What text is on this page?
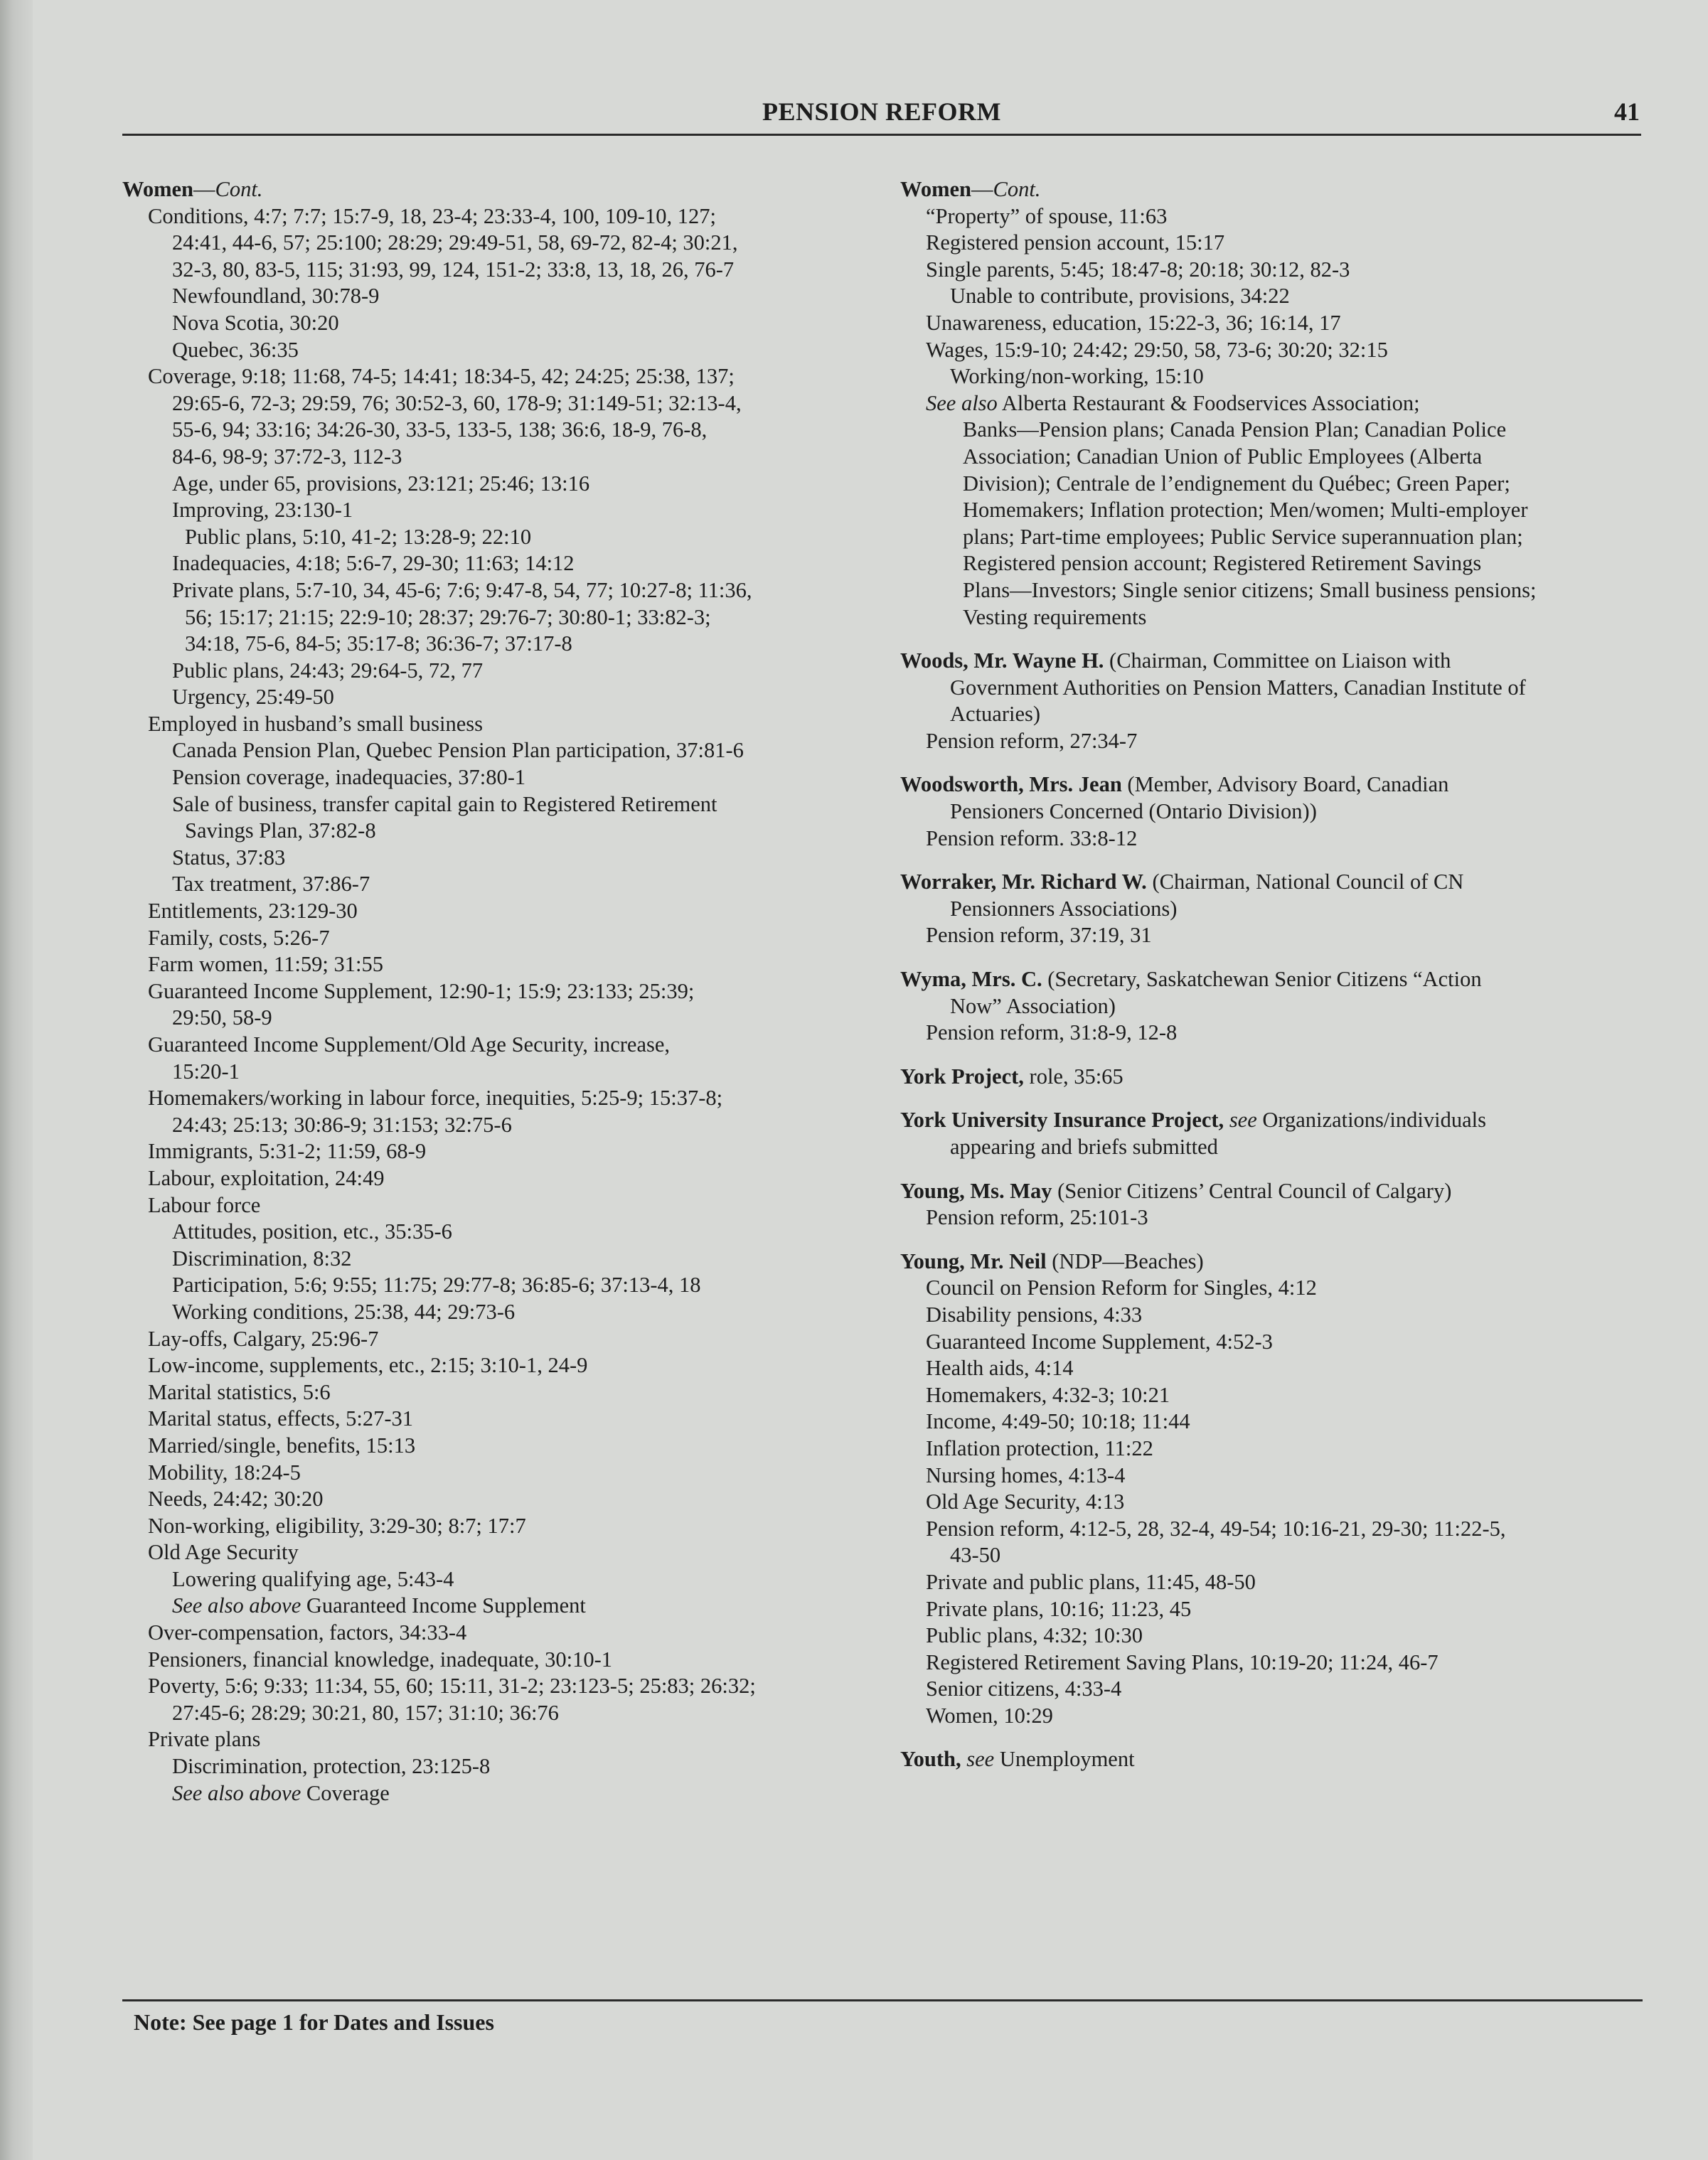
PENSION REFORM	41
Women—Cont.
Conditions, 4:7; 7:7; 15:7-9, 18, 23-4; 23:33-4, 100, 109-10, 127;
24:41, 44-6, 57; 25:100; 28:29; 29:49-51, 58, 69-72, 82-4; 30:21,
32-3, 80, 83-5, 115; 31:93, 99, 124, 151-2; 33:8, 13, 18, 26, 76-7
Newfoundland, 30:78-9
Nova Scotia, 30:20
Quebec, 36:35
Coverage, 9:18; 11:68, 74-5; 14:41; 18:34-5, 42; 24:25; 25:38, 137;
29:65-6, 72-3; 29:59, 76; 30:52-3, 60, 178-9; 31:149-51; 32:13-4,
55-6, 94; 33:16; 34:26-30, 33-5, 133-5, 138; 36:6, 18-9, 76-8,
84-6, 98-9; 37:72-3, 112-3
Age, under 65, provisions, 23:121; 25:46; 13:16
Improving, 23:130-1
Public plans, 5:10, 41-2; 13:28-9; 22:10
Inadequacies, 4:18; 5:6-7, 29-30; 11:63; 14:12
Private plans, 5:7-10, 34, 45-6; 7:6; 9:47-8, 54, 77; 10:27-8; 11:36,
56; 15:17; 21:15; 22:9-10; 28:37; 29:76-7; 30:80-1; 33:82-3;
34:18, 75-6, 84-5; 35:17-8; 36:36-7; 37:17-8
Public plans, 24:43; 29:64-5, 72, 77
Urgency, 25:49-50
Employed in husband’s small business
Canada Pension Plan, Quebec Pension Plan participation, 37:81-6
Pension coverage, inadequacies, 37:80-1
Sale of business, transfer capital gain to Registered Retirement
Savings Plan, 37:82-8
Status, 37:83
Tax treatment, 37:86-7
Entitlements, 23:129-30
Family, costs, 5:26-7
Farm women, 11:59; 31:55
Guaranteed Income Supplement, 12:90-1; 15:9; 23:133; 25:39;
29:50, 58-9
Guaranteed Income Supplement/Old Age Security, increase,
15:20-1
Homemakers/working in labour force, inequities, 5:25-9; 15:37-8;
24:43; 25:13; 30:86-9; 31:153; 32:75-6
Immigrants, 5:31-2; 11:59, 68-9
Labour, exploitation, 24:49
Labour force
Attitudes, position, etc., 35:35-6
Discrimination, 8:32
Participation, 5:6; 9:55; 11:75; 29:77-8; 36:85-6; 37:13-4, 18
Working conditions, 25:38, 44; 29:73-6
Lay-offs, Calgary, 25:96-7
Low-income, supplements, etc., 2:15; 3:10-1, 24-9
Marital statistics, 5:6
Marital status, effects, 5:27-31
Married/single, benefits, 15:13
Mobility, 18:24-5
Needs, 24:42; 30:20
Non-working, eligibility, 3:29-30; 8:7; 17:7
Old Age Security
Lowering qualifying age, 5:43-4
See also above Guaranteed Income Supplement
Over-compensation, factors, 34:33-4
Pensioners, financial knowledge, inadequate, 30:10-1
Poverty, 5:6; 9:33; 11:34, 55, 60; 15:11, 31-2; 23:123-5; 25:83; 26:32;
27:45-6; 28:29; 30:21, 80, 157; 31:10; 36:76
Private plans
Discrimination, protection, 23:125-8
See also above Coverage
Women—Cont.
“Property” of spouse, 11:63
Registered pension account, 15:17
Single parents, 5:45; 18:47-8; 20:18; 30:12, 82-3
Unable to contribute, provisions, 34:22
Unawareness, education, 15:22-3, 36; 16:14, 17
Wages, 15:9-10; 24:42; 29:50, 58, 73-6; 30:20; 32:15
Working/non-working, 15:10
See also Alberta Restaurant & Foodservices Association;
Banks—Pension plans; Canada Pension Plan; Canadian Police
Association; Canadian Union of Public Employees (Alberta
Division); Centrale de l’endignement du Québec; Green Paper;
Homemakers; Inflation protection; Men/women; Multi-employer
plans; Part-time employees; Public Service superannuation plan;
Registered pension account; Registered Retirement Savings
Plans—Investors; Single senior citizens; Small business pensions;
Vesting requirements
Woods, Mr. Wayne H. (Chairman, Committee on Liaison with
Government Authorities on Pension Matters, Canadian Institute of
Actuaries)
Pension reform, 27:34-7
Woodsworth, Mrs. Jean (Member, Advisory Board, Canadian
Pensioners Concerned (Ontario Division))
Pension reform. 33:8-12
Worraker, Mr. Richard W. (Chairman, National Council of CN
Pensionners Associations)
Pension reform, 37:19, 31
Wyma, Mrs. C. (Secretary, Saskatchewan Senior Citizens “Action
Now” Association)
Pension reform, 31:8-9, 12-8
York Project, role, 35:65
York University Insurance Project, see Organizations/individuals
appearing and briefs submitted
Young, Ms. May (Senior Citizens’ Central Council of Calgary)
Pension reform, 25:101-3
Young, Mr. Neil (NDP—Beaches)
Council on Pension Reform for Singles, 4:12
Disability pensions, 4:33
Guaranteed Income Supplement, 4:52-3
Health aids, 4:14
Homemakers, 4:32-3; 10:21
Income, 4:49-50; 10:18; 11:44
Inflation protection, 11:22
Nursing homes, 4:13-4
Old Age Security, 4:13
Pension reform, 4:12-5, 28, 32-4, 49-54; 10:16-21, 29-30; 11:22-5,
43-50
Private and public plans, 11:45, 48-50
Private plans, 10:16; 11:23, 45
Public plans, 4:32; 10:30
Registered Retirement Saving Plans, 10:19-20; 11:24, 46-7
Senior citizens, 4:33-4
Women, 10:29
Youth, see Unemployment
Note: See page 1 for Dates and Issues
